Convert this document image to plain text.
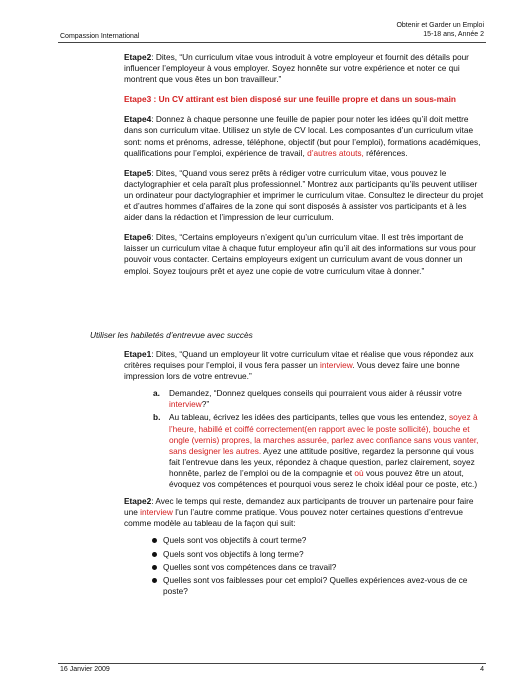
Compassion International
Obtenir et Garder un Emploi
15-18 ans, Année 2

Etape2: Dites, “Un curriculum vitae vous introduit à votre employeur et fournit des détails pour influencer l’employeur à vous employer. Soyez honnête sur votre expérience et noter ce qui montrent que vous êtes un bon travailleur.”

Etape3 : Un CV attirant est bien disposé sur une feuille propre et dans un sous-main

Etape4: Donnez à chaque personne une feuille de papier pour noter les idées qu’il doit mettre dans son curriculum vitae. Utilisez un style de CV local. Les composantes d’un curriculum vitae sont: noms et prénoms, adresse, téléphone, objectif (but pour l’emploi), formations académiques, qualifications pour l’emploi, expérience de travail, d’autres atouts, références.

Etape5: Dites, “Quand vous serez prêts à rédiger votre curriculum vitae, vous pouvez le dactylographier et cela paraît plus professionnel.” Montrez aux participants qu’ils peuvent utiliser un ordinateur pour dactylographier et imprimer le curriculum vitae. Consultez le directeur du projet et d’autres hommes d’affaires de la zone qui sont disposés à assister vos participants et à les aider dans la rédaction et l’impression de leur curriculum.

Etape6: Dites, “Certains employeurs n’exigent qu’un curriculum vitae. Il est très important de laisser un curriculum vitae à chaque futur employeur afin qu’il ait des informations sur vous pour pouvoir vous contacter. Certains employeurs exigent un curriculum avant de vous donner un emploi. Soyez toujours prêt et ayez une copie de votre curriculum vitae à donner.”

Utiliser les habiletés d’entrevue avec succès

Etape1: Dites, “Quand un employeur lit votre curriculum vitae et réalise que vous répondez aux critères requises pour l’emploi, il vous fera passer un interview. Vous devez faire une bonne impression lors de votre entrevue.”

a. Demandez, “Donnez quelques conseils qui pourraient vous aider à réussir votre interview?”
b. Au tableau, écrivez les idées des participants, telles que vous les entendez, soyez à l’heure, habillé et coiffé correctement(en rapport avec le poste sollicité), bouche et ongle (vernis) propres, la marches assurée, parlez avec confiance sans vous vanter, sans designer les autres. Ayez une attitude positive, regardez la personne qui vous fait l’entrevue dans les yeux, répondez à chaque question, parlez clairement, soyez honnête, parlez de l’emploi ou de la compagnie et où vous pouvez être un atout, évoquez vos compétences et pourquoi vous serez le choix idéal pour ce poste, etc.)

Etape2: Avec le temps qui reste, demandez aux participants de trouver un partenaire pour faire une interview l’un l’autre comme pratique. Vous pouvez noter certaines questions d’entrevue comme modèle au tableau de la façon qui suit:

Quels sont vos objectifs à court terme?
Quels sont vos objectifs à long terme?
Quelles sont vos compétences dans ce travail?
Quelles sont vos faiblesses pour cet emploi? Quelles expériences avez-vous de ce poste?
16 Janvier 2009	4
